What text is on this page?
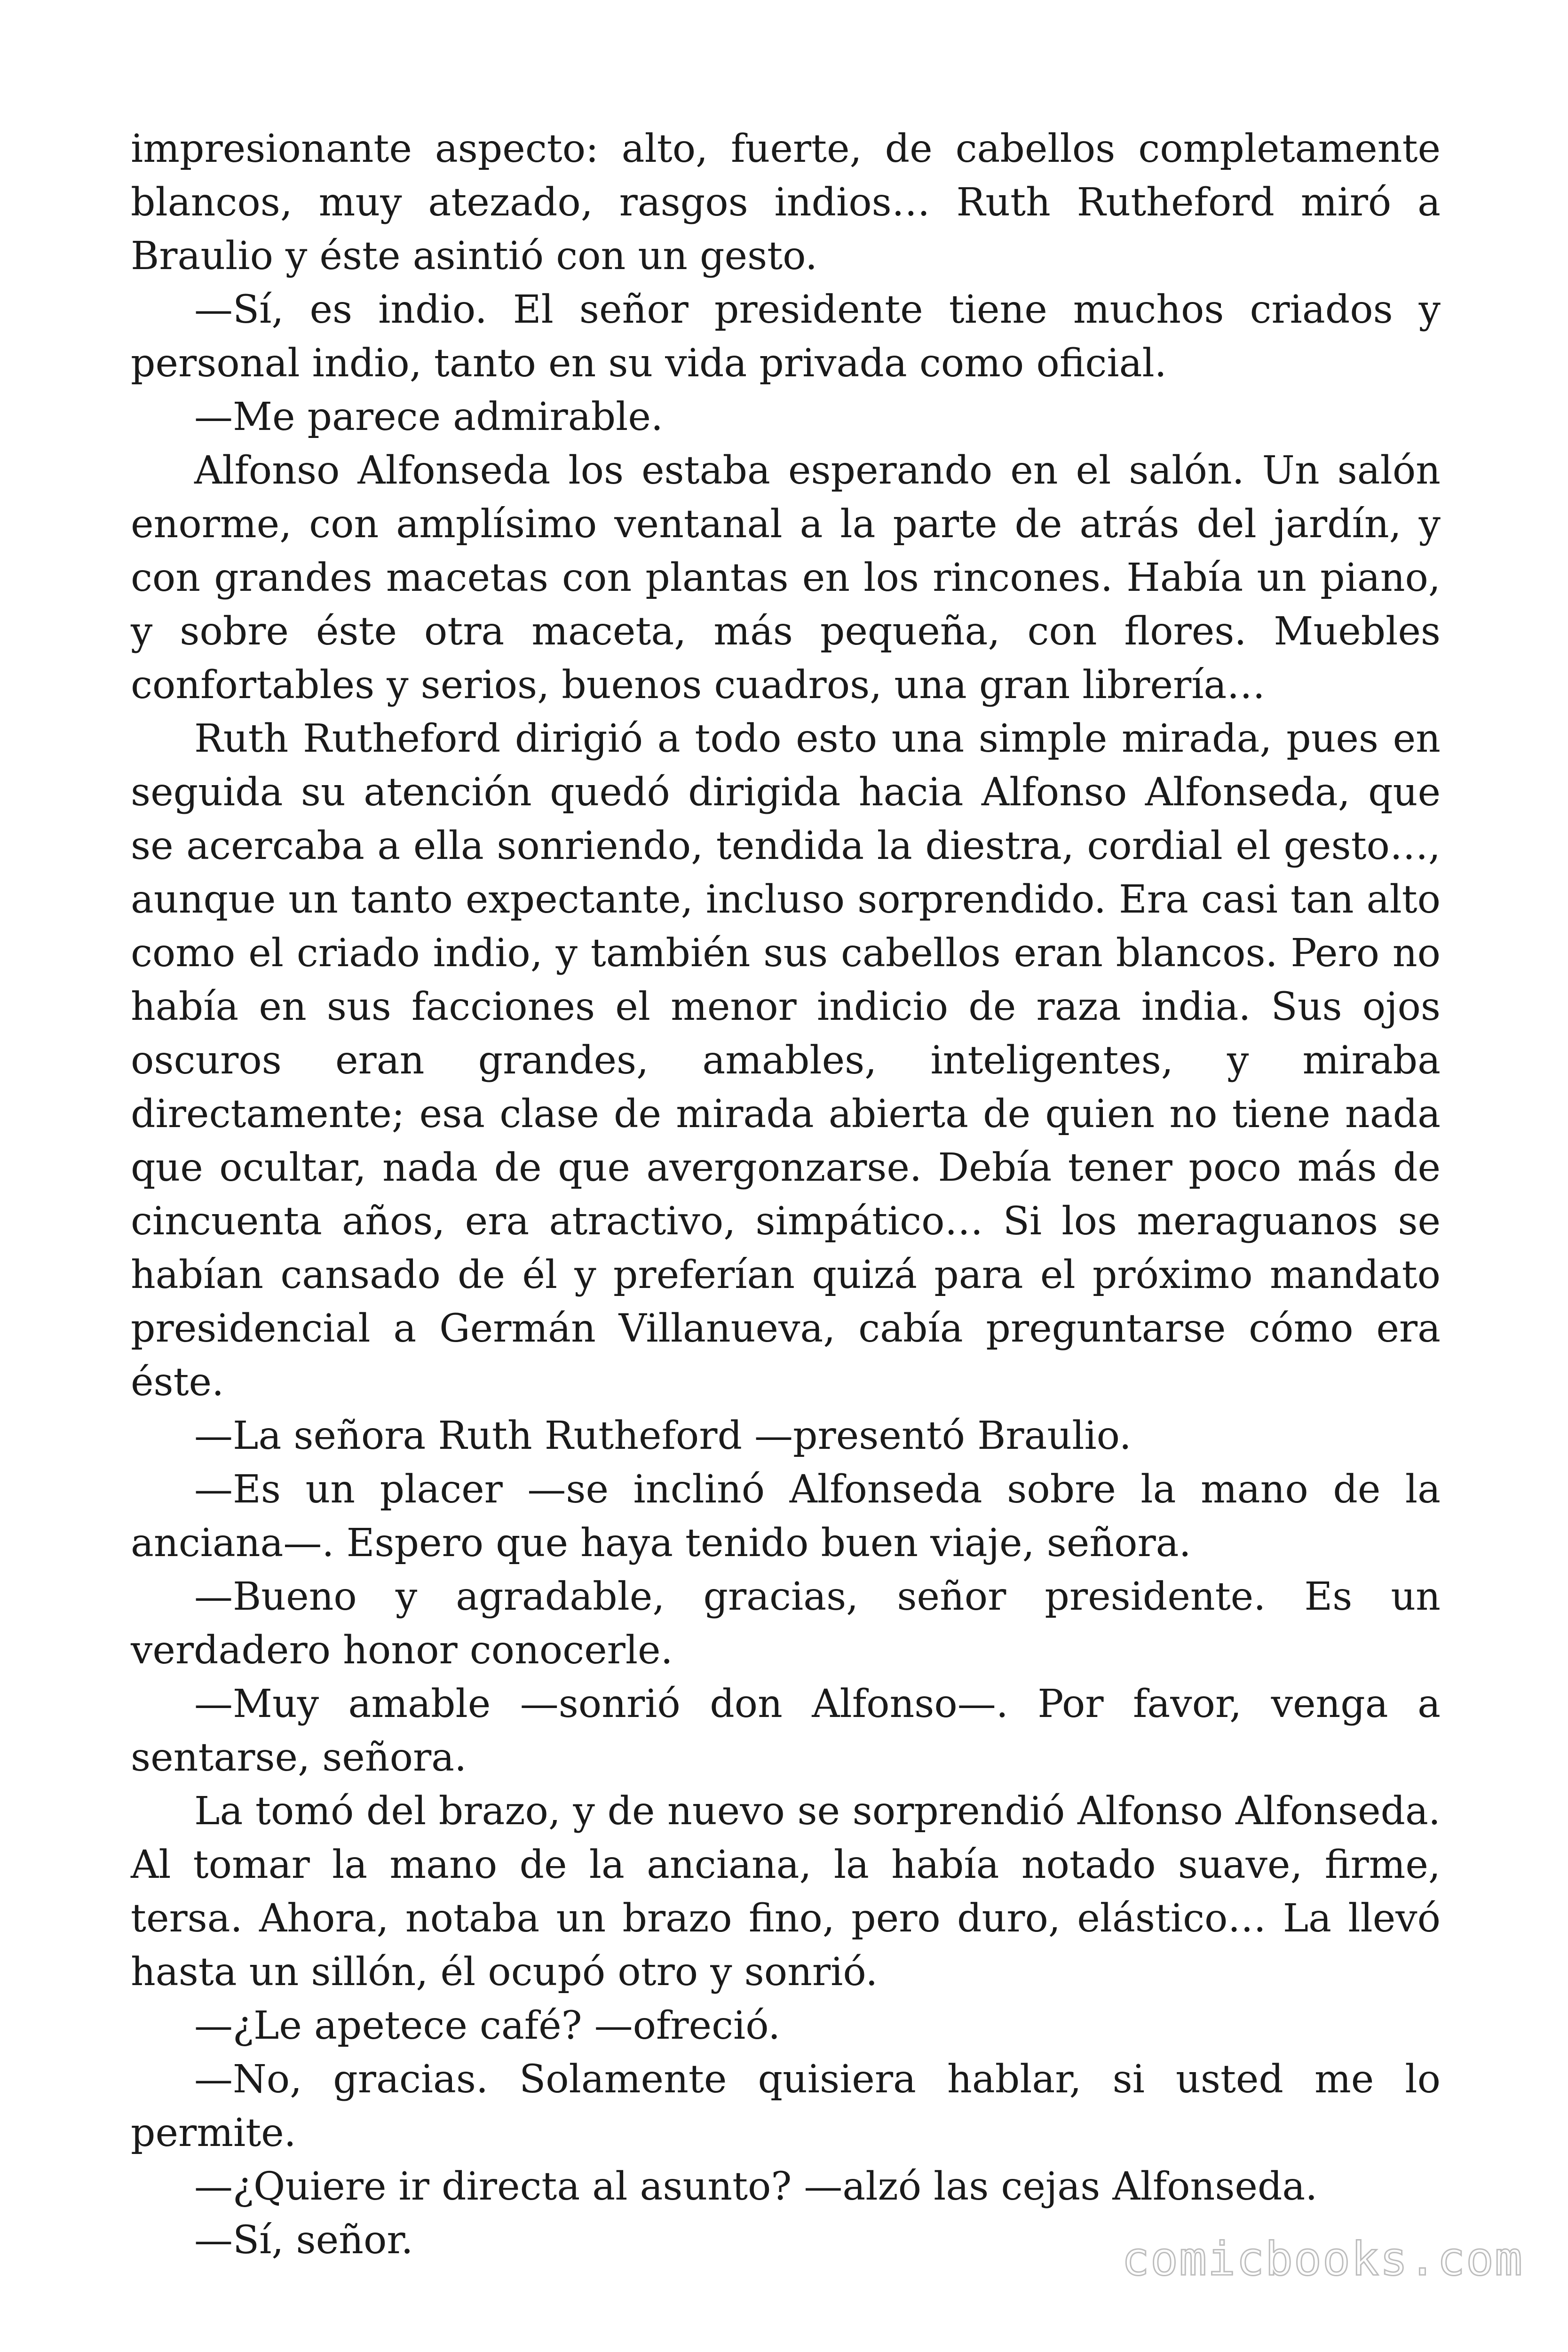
impresionante aspecto: alto, fuerte, de cabellos completamente blancos, muy atezado, rasgos indios… Ruth Rutheford miró a Braulio y éste asintió con un gesto.

—Sí, es indio. El señor presidente tiene muchos criados y personal indio, tanto en su vida privada como oficial.

—Me parece admirable.

Alfonso Alfonseda los estaba esperando en el salón. Un salón enorme, con amplísimo ventanal a la parte de atrás del jardín, y con grandes macetas con plantas en los rincones. Había un piano, y sobre éste otra maceta, más pequeña, con flores. Muebles confortables y serios, buenos cuadros, una gran librería…

Ruth Rutheford dirigió a todo esto una simple mirada, pues en seguida su atención quedó dirigida hacia Alfonso Alfonseda, que se acercaba a ella sonriendo, tendida la diestra, cordial el gesto…, aunque un tanto expectante, incluso sorprendido. Era casi tan alto como el criado indio, y también sus cabellos eran blancos. Pero no había en sus facciones el menor indicio de raza india. Sus ojos oscuros eran grandes, amables, inteligentes, y miraba directamente; esa clase de mirada abierta de quien no tiene nada que ocultar, nada de que avergonzarse. Debía tener poco más de cincuenta años, era atractivo, simpático… Si los meraguanos se habían cansado de él y preferían quizá para el próximo mandato presidencial a Germán Villanueva, cabía preguntarse cómo era éste.

—La señora Ruth Rutheford —presentó Braulio.

—Es un placer —se inclinó Alfonseda sobre la mano de la anciana—. Espero que haya tenido buen viaje, señora.

—Bueno y agradable, gracias, señor presidente. Es un verdadero honor conocerle.

—Muy amable —sonrió don Alfonso—. Por favor, venga a sentarse, señora.

La tomó del brazo, y de nuevo se sorprendió Alfonso Alfonseda. Al tomar la mano de la anciana, la había notado suave, firme, tersa. Ahora, notaba un brazo fino, pero duro, elástico… La llevó hasta un sillón, él ocupó otro y sonrió.

—¿Le apetece café? —ofreció.

—No, gracias. Solamente quisiera hablar, si usted me lo permite.

—¿Quiere ir directa al asunto? —alzó las cejas Alfonseda.

—Sí, señor.	comicbooks.com
